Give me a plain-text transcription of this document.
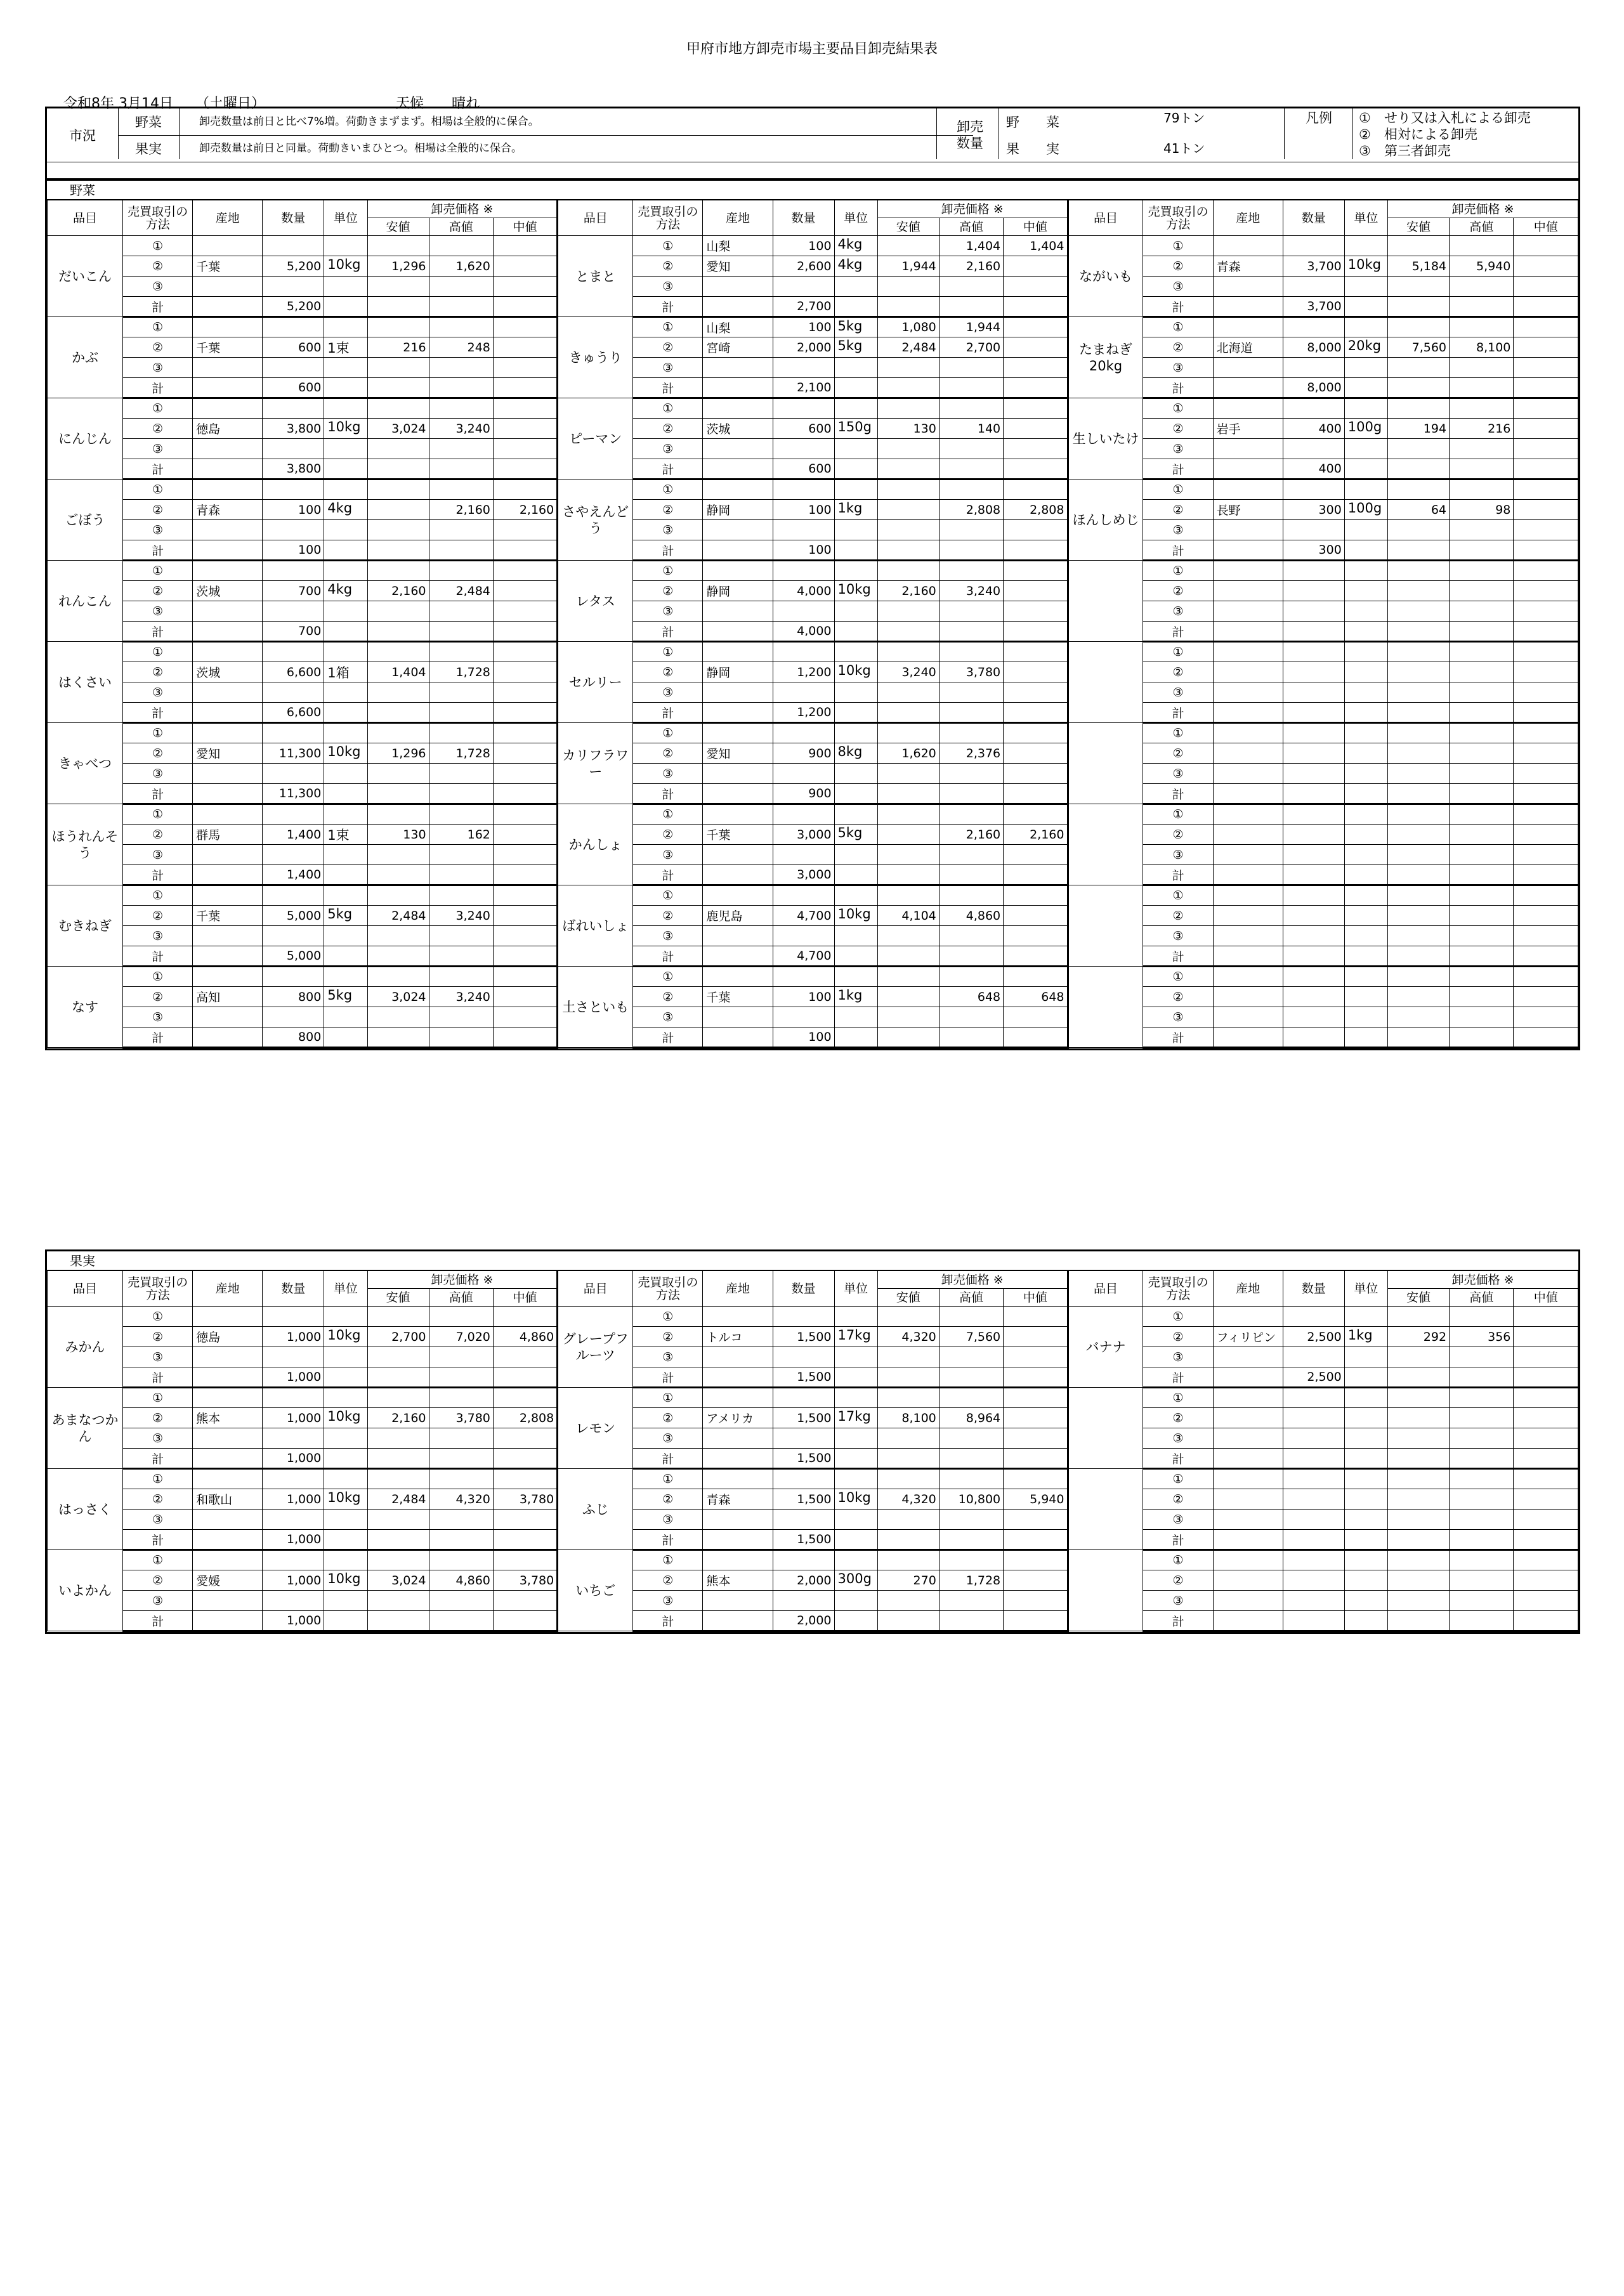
甲府市地方卸売市場主要品目卸売結果表
令和8年 3月14日 （土曜日）	天候 晴れ
市況
野菜
果実
卸売数量は前日と比べ7%増。荷動きまずまず。相場は全般的に保合。
卸売数量は前日と同量。荷動きいまひとつ。相場は全般的に保合。
卸売数量
野　　菜
果　　実
79トン
41トン
凡例	①　せり又は入札による卸売
②　相対による卸売
③　第三者卸売
野菜
品目	売買取引の方法	産地	数量	単位	卸売価格 ※			品目	売買取引の方法	産地	数量	単位	卸売価格 ※			品目	売買取引の方法	産地	数量	単位	卸売価格 ※		
					安値	高値	中値						安値	高値	中値						安値	高値	中値
だいこん	①							とまと	①	山梨	100	4kg		1,404	1,404	ながいも	①						
	②	千葉	5,200	10kg	1,296	1,620			②	愛知	2,600	4kg	1,944	2,160			②	青森	3,700	10kg	5,184	5,940	
	③								③								③						
	計		5,200						計		2,700						計		3,700				
かぶ	①							きゅうり	①	山梨	100	5kg	1,080	1,944		たまねぎ 20kg	①						
	②	千葉	600	1束	216	248			②	宮崎	2,000	5kg	2,484	2,700			②	北海道	8,000	20kg	7,560	8,100	
	③								③								③						
	計		600						計		2,100						計		8,000				
にんじん	①							ピーマン	①							生しいたけ	①						
	②	徳島	3,800	10kg	3,024	3,240			②	茨城	600	150g	130	140			②	岩手	400	100g	194	216	
	③								③								③						
	計		3,800						計		600						計		400				
ごぼう	①							さやえんどう	①							ほんしめじ	①						
	②	青森	100	4kg		2,160	2,160		②	静岡	100	1kg		2,808	2,808		②	長野	300	100g	64	98	
	③								③								③						
	計		100						計		100						計		300				
れんこん	①							レタス	①								①						
	②	茨城	700	4kg	2,160	2,484			②	静岡	4,000	10kg	2,160	3,240			②						
	③								③								③						
	計		700						計		4,000						計						
はくさい	①							セルリー	①								①						
	②	茨城	6,600	1箱	1,404	1,728			②	静岡	1,200	10kg	3,240	3,780			②						
	③								③								③						
	計		6,600						計		1,200						計						
きゃべつ	①							カリフラワー	①								①						
	②	愛知	11,300	10kg	1,296	1,728			②	愛知	900	8kg	1,620	2,376			②						
	③								③								③						
	計		11,300						計		900						計						
ほうれんそう	①							かんしょ	①								①						
	②	群馬	1,400	1束	130	162			②	千葉	3,000	5kg		2,160	2,160		②						
	③								③								③						
	計		1,400						計		3,000						計						
むきねぎ	①							ばれいしょ	①								①						
	②	千葉	5,000	5kg	2,484	3,240			②	鹿児島	4,700	10kg	4,104	4,860			②						
	③								③								③						
	計		5,000						計		4,700						計						
なす	①							土さといも	①								①						
	②	高知	800	5kg	3,024	3,240			②	千葉	100	1kg		648	648		②						
	③								③								③						
	計		800						計		100						計						
果実
品目	売買取引の方法	産地	数量	単位	卸売価格 ※			品目	売買取引の方法	産地	数量	単位	卸売価格 ※			品目	売買取引の方法	産地	数量	単位	卸売価格 ※		
					安値	高値	中値						安値	高値	中値						安値	高値	中値
みかん	①							グレープフルーツ	①							バナナ	①						
	②	徳島	1,000	10kg	2,700	7,020	4,860		②	トルコ	1,500	17kg	4,320	7,560			②	フィリピン	2,500	1kg	292	356	
	③								③								③						
	計		1,000						計		1,500						計		2,500				
あまなつかん	①							レモン	①								①						
	②	熊本	1,000	10kg	2,160	3,780	2,808		②	アメリカ	1,500	17kg	8,100	8,964			②						
	③								③								③						
	計		1,000						計		1,500						計						
はっさく	①							ふじ	①								①						
	②	和歌山	1,000	10kg	2,484	4,320	3,780		②	青森	1,500	10kg	4,320	10,800	5,940		②						
	③								③								③						
	計		1,000						計		1,500						計						
いよかん	①							いちご	①								①						
	②	愛媛	1,000	10kg	3,024	4,860	3,780		②	熊本	2,000	300g	270	1,728			②						
	③								③								③						
	計		1,000						計		2,000						計						
